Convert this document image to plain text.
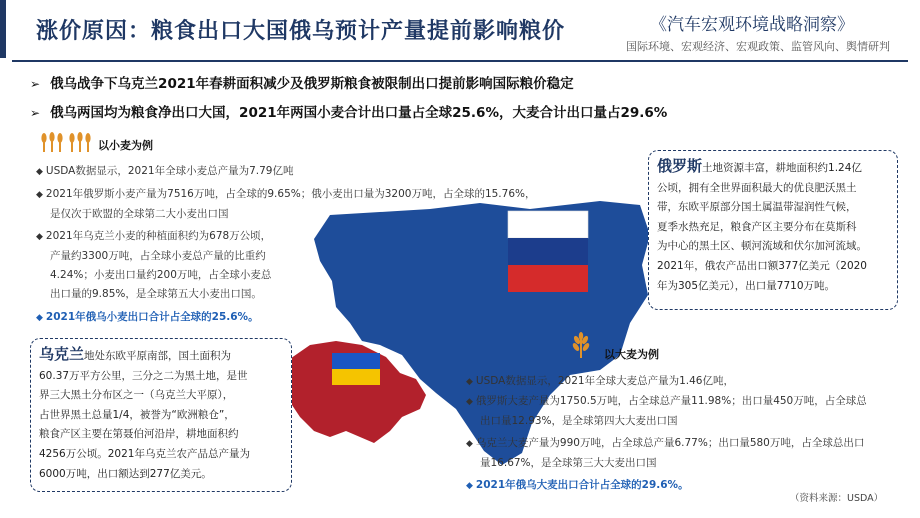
涨价原因：粮食出口大国俄乌预计产量提前影响粮价	《汽车宏观环境战略洞察》
国际环境、宏观经济、宏观政策、监管风向、舆情研判
➢ 俄乌战争下乌克兰2021年春耕面积减少及俄罗斯粮食被限制出口提前影响国际粮价稳定
➢ 俄乌两国均为粮食净出口大国，2021年两国小麦合计出口量占全球25.6%，大麦合计出口量占29.6%
以小麦为例
◆ USDA数据显示，2021年全球小麦总产量为7.79亿吨
◆ 2021年俄罗斯小麦产量为7516万吨，占全球的9.65%；俄小麦出口量为3200万吨，占全球的15.76%，
是仅次于欧盟的全球第二大小麦出口国
◆ 2021年乌克兰小麦的种植面积约为678万公顷，
产量约3300万吨，占全球小麦总产量的比重约
4.24%；小麦出口量约200万吨，占全球小麦总
出口量的9.85%，是全球第五大小麦出口国。
◆ 2021年俄乌小麦出口合计占全球的25.6%。
乌克兰地处东欧平原南部，国土面积为
60.37万平方公里，三分之二为黑土地，是世
界三大黑土分布区之一（乌克兰大平原），
占世界黑土总量1/4，被誉为“欧洲粮仓”，
粮食产区主要在第聂伯河沿岸，耕地面积约
4256万公顷。2021年乌克兰农产品总产量为
6000万吨，出口额达到277亿美元。
俄罗斯土地资源丰富，耕地面积约1.24亿
公顷，拥有全世界面积最大的优良肥沃黑土
带，东欧平原部分国土属温带湿润性气候，
夏季水热充足，粮食产区主要分布在莫斯科
为中心的黑土区、顿河流域和伏尔加河流域。
2021年，俄农产品出口额377亿美元（2020
年为305亿美元），出口量7710万吨。
以大麦为例
◆ USDA数据显示，2021年全球大麦总产量为1.46亿吨，
◆ 俄罗斯大麦产量为1750.5万吨，占全球总产量11.98%；出口量450万吨，占全球总
出口量12.93%，是全球第四大大麦出口国
◆ 乌克兰大麦产量为990万吨，占全球总产量6.77%；出口量580万吨，占全球总出口
量16.67%，是全球第三大大麦出口国
◆ 2021年俄乌大麦出口合计占全球的29.6%。
（资料来源：USDA）
